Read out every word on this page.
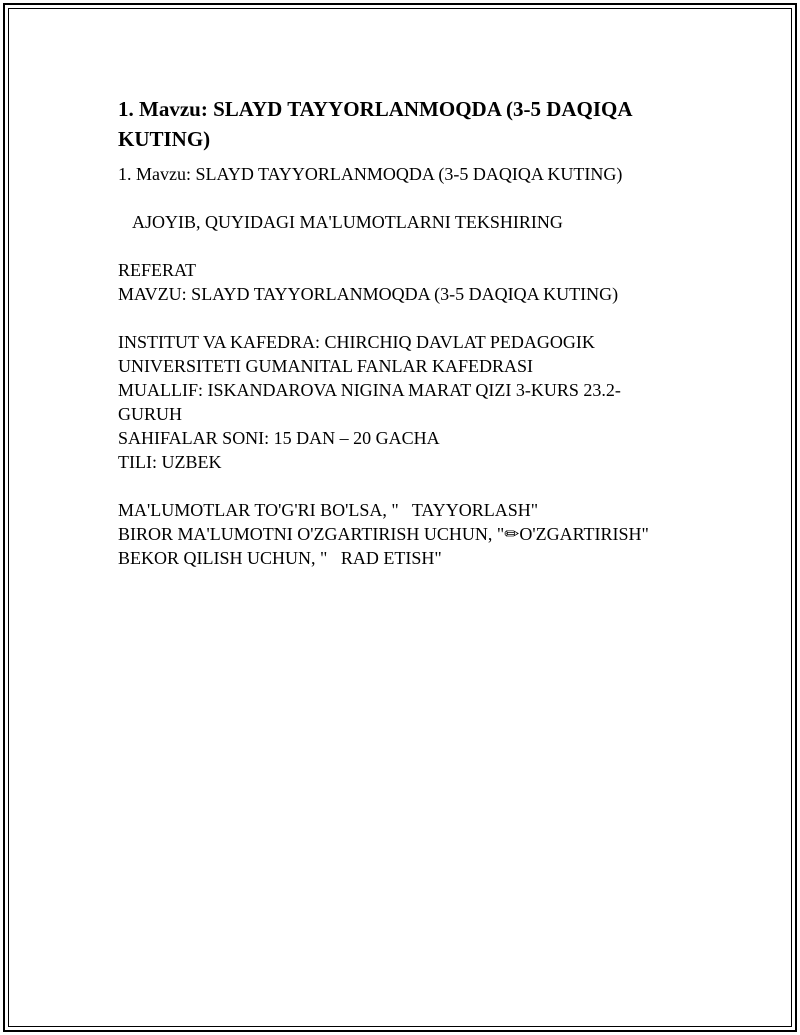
1. Mavzu: SLAYD TAYYORLANMOQDA (3-5 DAQIQA KUTING)

1. Mavzu: SLAYD TAYYORLANMOQDA (3-5 DAQIQA KUTING)

AJOYIB, QUYIDAGI MA'LUMOTLARNI TEKSHIRING

REFERAT

MAVZU: SLAYD TAYYORLANMOQDA (3-5 DAQIQA KUTING)

INSTITUT VA KAFEDRA: CHIRCHIQ DAVLAT PEDAGOGIK UNIVERSITETI GUMANITAL FANLAR KAFEDRASI

MUALLIF: ISKANDAROVA NIGINA MARAT QIZI 3-KURS 23.2-GURUH

SAHIFALAR SONI: 15 DAN – 20 GACHA

TILI: UZBEK

MA'LUMOTLAR TO'G'RI BO'LSA, "   TAYYORLASH"

BIROR MA'LUMOTNI O'ZGARTIRISH UCHUN, "✏O'ZGARTIRISH"

BEKOR QILISH UCHUN, "   RAD ETISH"
